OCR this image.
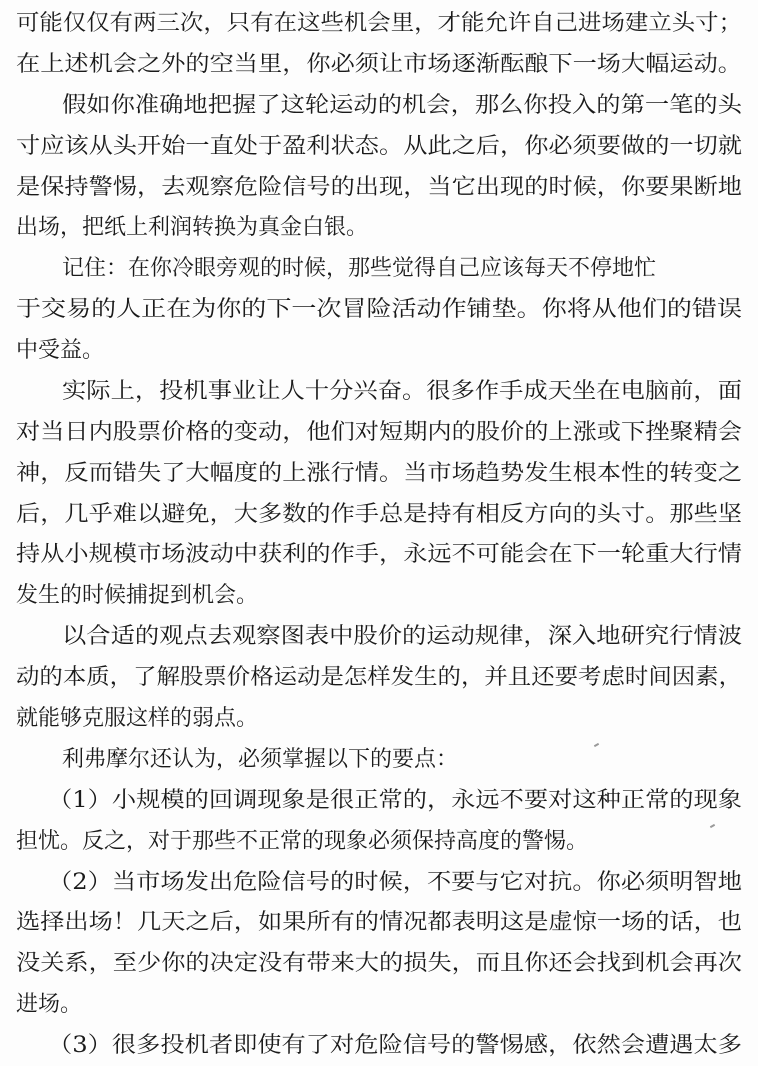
可能仅仅有两三次，只有在这些机会里，才能允许自己进场建立头寸；
在上述机会之外的空当里，你必须让市场逐渐酝酿下一场大幅运动。
假如你准确地把握了这轮运动的机会，那么你投入的第一笔的头
寸应该从头开始一直处于盈利状态。从此之后，你必须要做的一切就
是保持警惕，去观察危险信号的出现，当它出现的时候，你要果断地
出场，把纸上利润转换为真金白银。
记住：在你冷眼旁观的时候，那些觉得自己应该每天不停地忙
于交易的人正在为你的下一次冒险活动作铺垫。你将从他们的错误
中受益。
实际上，投机事业让人十分兴奋。很多作手成天坐在电脑前，面
对当日内股票价格的变动，他们对短期内的股价的上涨或下挫聚精会
神，反而错失了大幅度的上涨行情。当市场趋势发生根本性的转变之
后，几乎难以避免，大多数的作手总是持有相反方向的头寸。那些坚
持从小规模市场波动中获利的作手，永远不可能会在下一轮重大行情
发生的时候捕捉到机会。
以合适的观点去观察图表中股价的运动规律，深入地研究行情波
动的本质，了解股票价格运动是怎样发生的，并且还要考虑时间因素，
就能够克服这样的弱点。
利弗摩尔还认为，必须掌握以下的要点：
（1）小规模的回调现象是很正常的，永远不要对这种正常的现象
担忧。反之，对于那些不正常的现象必须保持高度的警惕。
（2）当市场发出危险信号的时候，不要与它对抗。你必须明智地
选择出场！几天之后，如果所有的情况都表明这是虚惊一场的话，也
没关系，至少你的决定没有带来大的损失，而且你还会找到机会再次
进场。
（3）很多投机者即使有了对危险信号的警惕感，依然会遭遇太多
